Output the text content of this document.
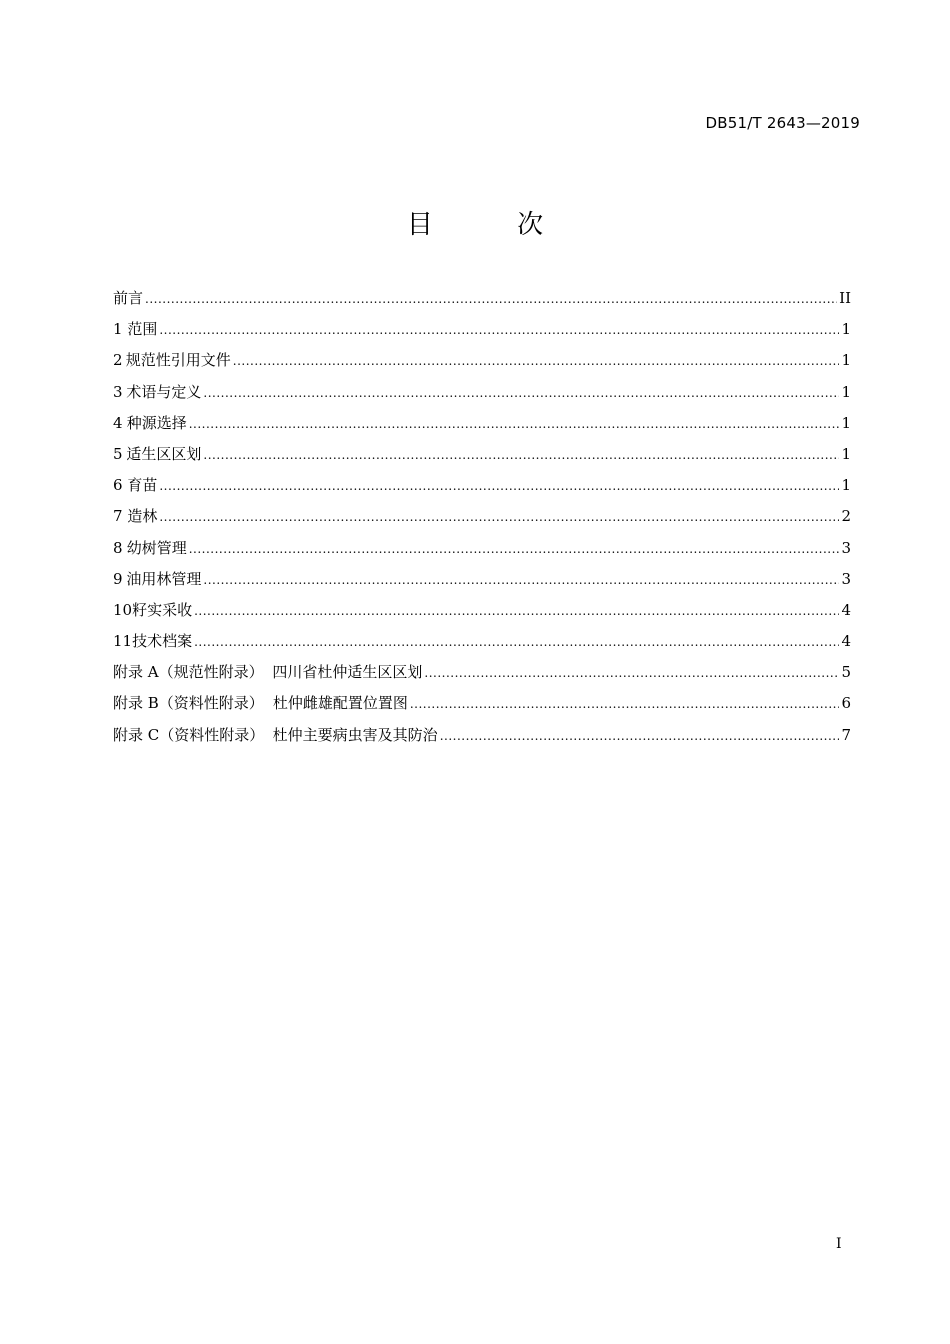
DB51/T 2643—2019
目 次
前言 .....	II
1 范围 .....	1
2 规范性引用文件 .....	1
3 术语与定义 .....	1
4 种源选择 .....	1
5 适生区区划 .....	1
6 育苗 .....	1
7 造林 .....	2
8 幼树管理 .....	3
9 油用林管理 .....	3
10 籽实采收 .....	4
11 技术档案 .....	4
附录 A（规范性附录） 四川省杜仲适生区区划 .....	5
附录 B（资料性附录） 杜仲雌雄配置位置图 .....	6
附录 C（资料性附录） 杜仲主要病虫害及其防治 .....	7
I
